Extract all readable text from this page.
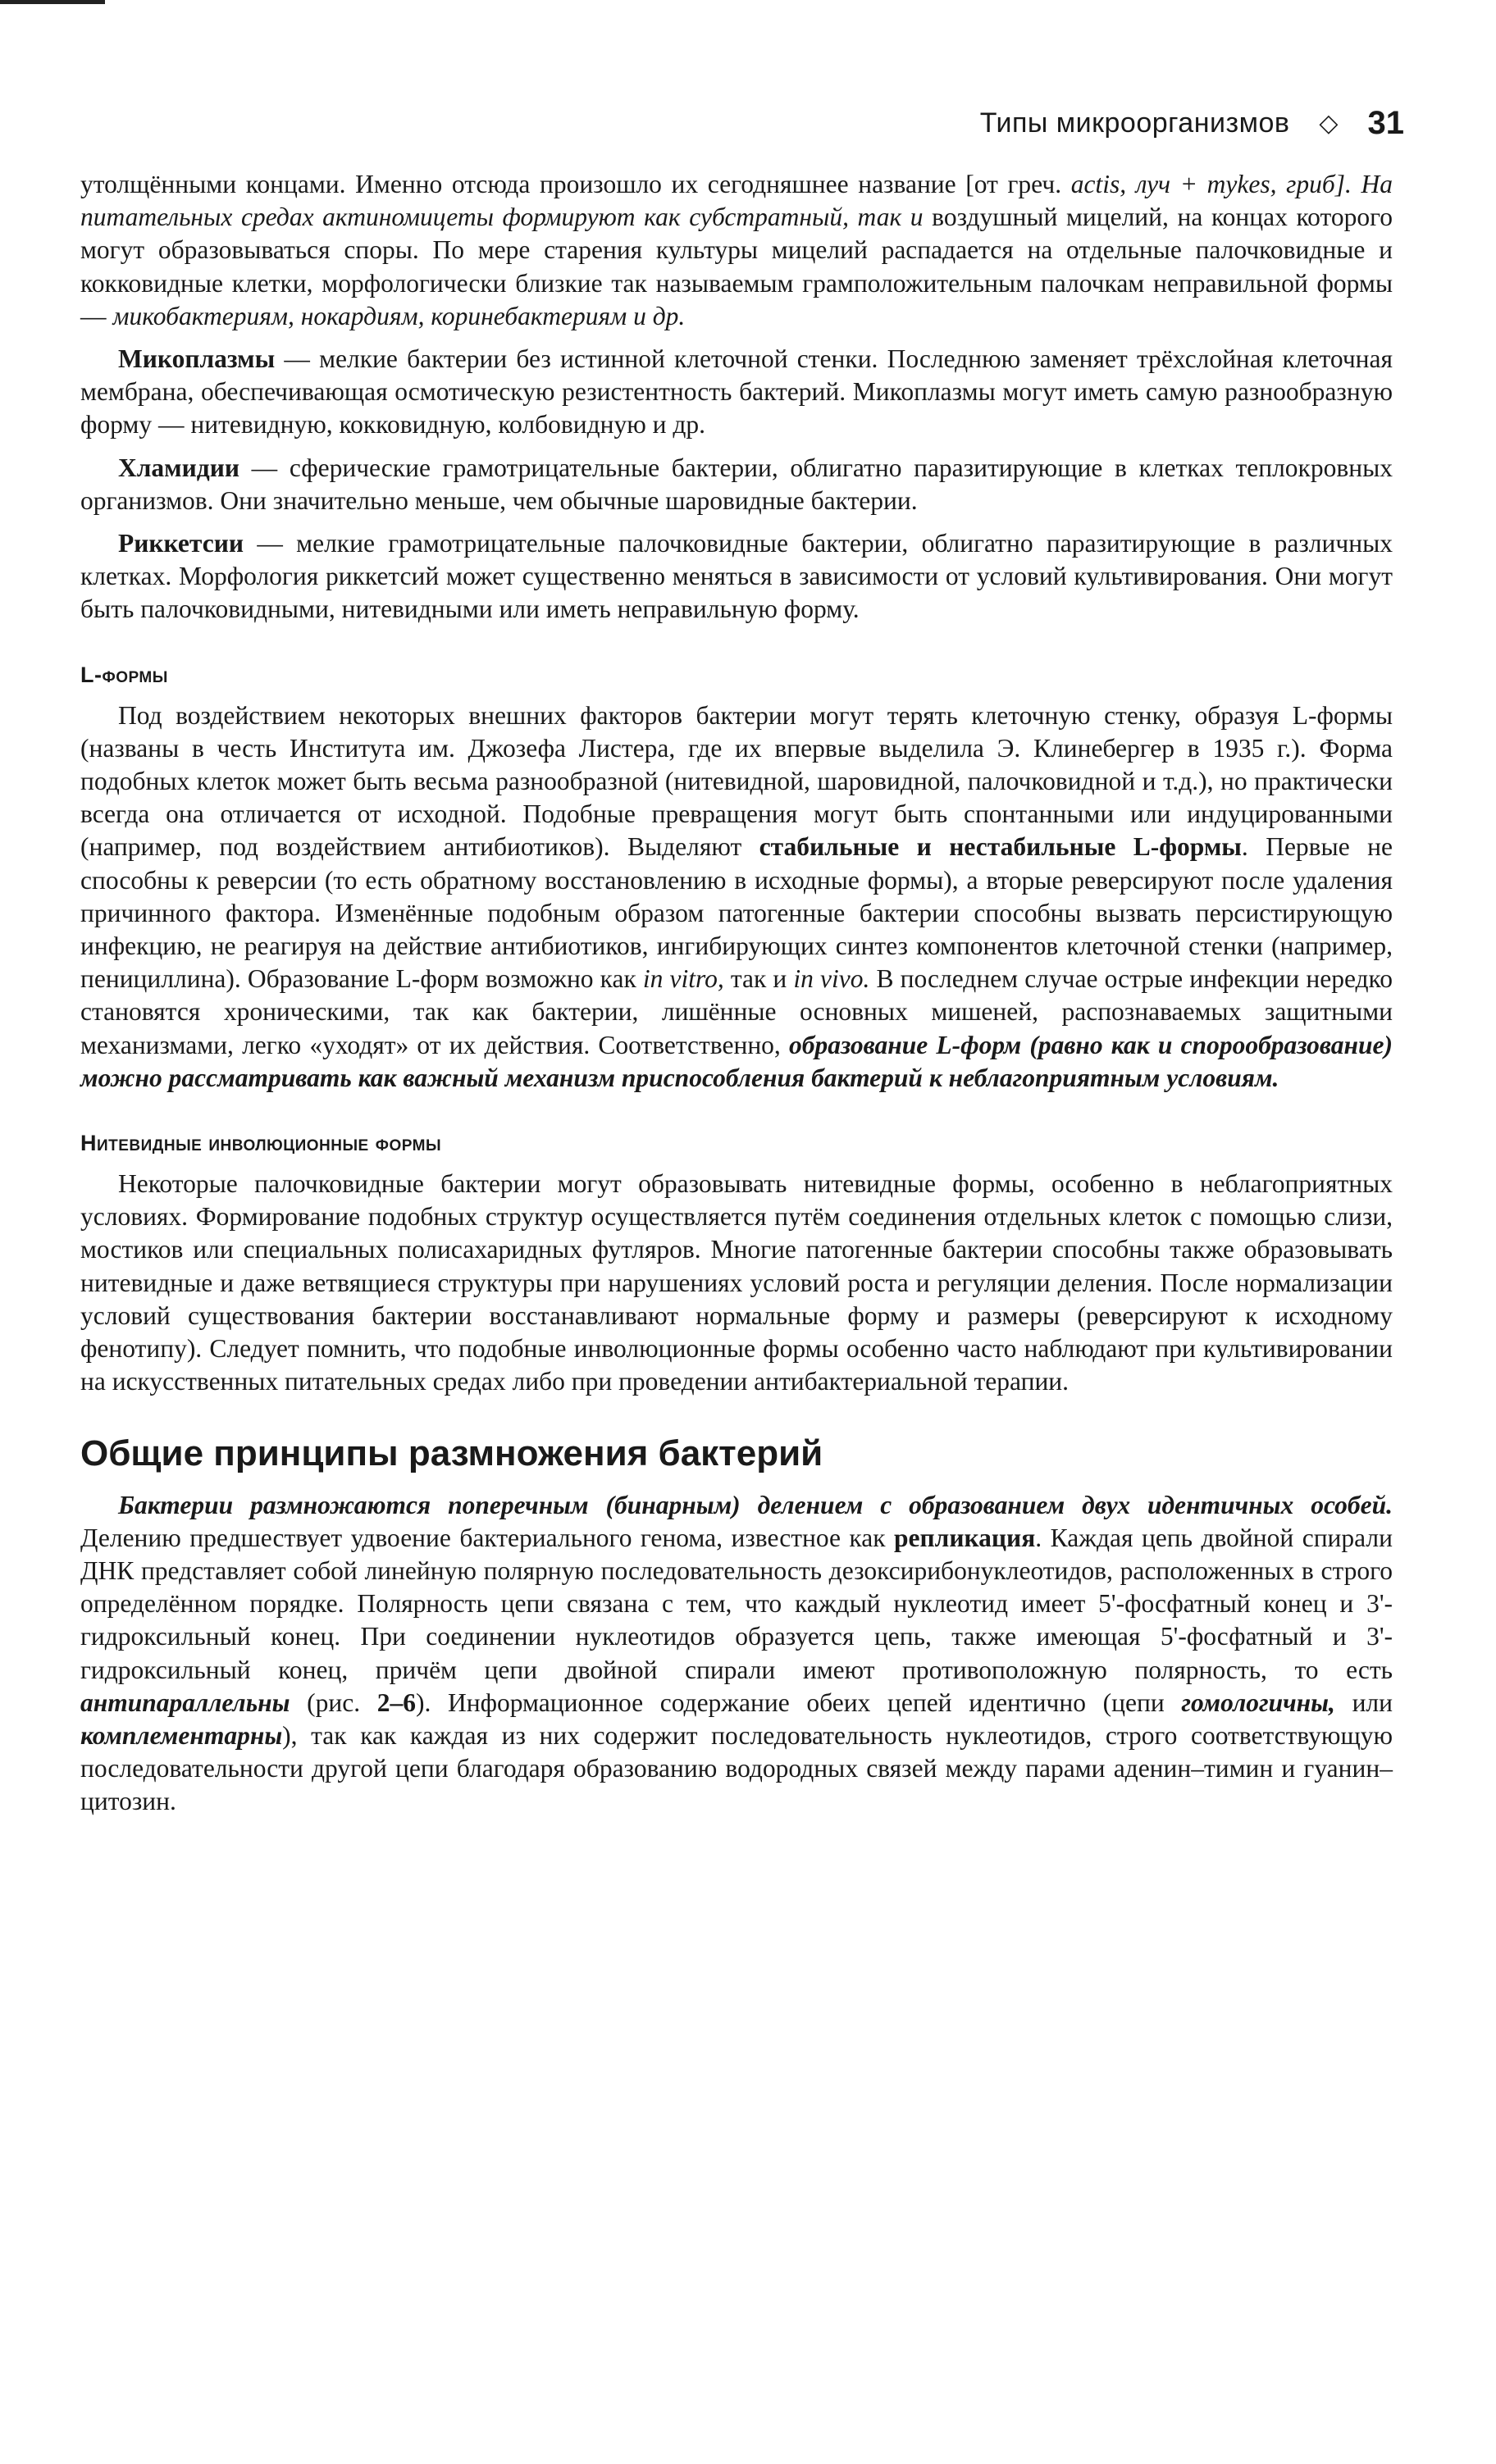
Типы микроорганизмов ◇ 31

утолщёнными концами. Именно отсюда произошло их сегодняшнее название [от греч. actis, луч + mykes, гриб]. На питательных средах актиномицеты формируют как субстратный, так и воздушный мицелий, на концах которого могут образовываться споры. По мере старения культуры мицелий распадается на отдельные палочковидные и кокковидные клетки, морфологически близкие так называемым грамположительным палочкам неправильной формы — микобактериям, нокардиям, коринебактериям и др.

Микоплазмы — мелкие бактерии без истинной клеточной стенки. Последнюю заменяет трёхслойная клеточная мембрана, обеспечивающая осмотическую резистентность бактерий. Микоплазмы могут иметь самую разнообразную форму — нитевидную, кокковидную, колбовидную и др.

Хламидии — сферические грамотрицательные бактерии, облигатно паразитирующие в клетках теплокровных организмов. Они значительно меньше, чем обычные шаровидные бактерии.

Риккетсии — мелкие грамотрицательные палочковидные бактерии, облигатно паразитирующие в различных клетках. Морфология риккетсий может существенно меняться в зависимости от условий культивирования. Они могут быть палочковидными, нитевидными или иметь неправильную форму.

L-формы

Под воздействием некоторых внешних факторов бактерии могут терять клеточную стенку, образуя L-формы (названы в честь Института им. Джозефа Листера, где их впервые выделила Э. Клинебергер в 1935 г.). Форма подобных клеток может быть весьма разнообразной (нитевидной, шаровидной, палочковидной и т.д.), но практически всегда она отличается от исходной. Подобные превращения могут быть спонтанными или индуцированными (например, под воздействием антибиотиков). Выделяют стабильные и нестабильные L-формы. Первые не способны к реверсии (то есть обратному восстановлению в исходные формы), а вторые реверсируют после удаления причинного фактора. Изменённые подобным образом патогенные бактерии способны вызвать персистирующую инфекцию, не реагируя на действие антибиотиков, ингибирующих синтез компонентов клеточной стенки (например, пенициллина). Образование L-форм возможно как in vitro, так и in vivo. В последнем случае острые инфекции нередко становятся хроническими, так как бактерии, лишённые основных мишеней, распознаваемых защитными механизмами, легко «уходят» от их действия. Соответственно, образование L-форм (равно как и спорообразование) можно рассматривать как важный механизм приспособления бактерий к неблагоприятным условиям.

Нитевидные инволюционные формы

Некоторые палочковидные бактерии могут образовывать нитевидные формы, особенно в неблагоприятных условиях. Формирование подобных структур осуществляется путём соединения отдельных клеток с помощью слизи, мостиков или специальных полисахаридных футляров. Многие патогенные бактерии способны также образовывать нитевидные и даже ветвящиеся структуры при нарушениях условий роста и регуляции деления. После нормализации условий существования бактерии восстанавливают нормальные форму и размеры (реверсируют к исходному фенотипу). Следует помнить, что подобные инволюционные формы особенно часто наблюдают при культивировании на искусственных питательных средах либо при проведении антибактериальной терапии.

Общие принципы размножения бактерий

Бактерии размножаются поперечным (бинарным) делением с образованием двух идентичных особей. Делению предшествует удвоение бактериального генома, известное как репликация. Каждая цепь двойной спирали ДНК представляет собой линейную полярную последовательность дезоксирибонуклеотидов, расположенных в строго определённом порядке. Полярность цепи связана с тем, что каждый нуклеотид имеет 5'-фосфатный конец и 3'-гидроксильный конец. При соединении нуклеотидов образуется цепь, также имеющая 5'-фосфатный и 3'-гидроксильный конец, причём цепи двойной спирали имеют противоположную полярность, то есть антипараллельны (рис. 2–6). Информационное содержание обеих цепей идентично (цепи гомологичны, или комплементарны), так как каждая из них содержит последовательность нуклеотидов, строго соответствующую последовательности другой цепи благодаря образованию водородных связей между парами аденин–тимин и гуанин–цитозин.
